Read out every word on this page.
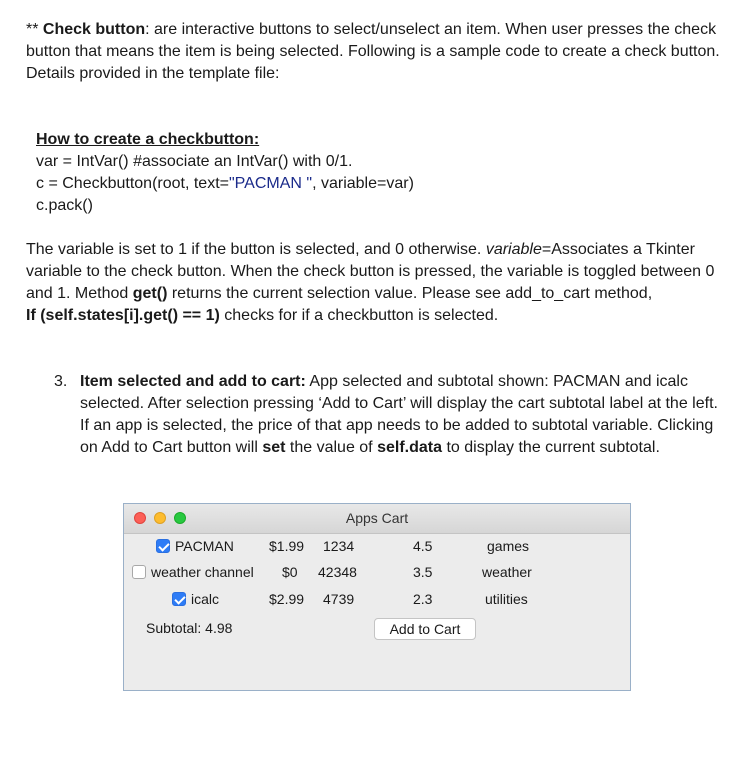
** Check button: are interactive buttons to select/unselect an item. When user presses the check button that means the item is being selected. Following is a sample code to create a check button. Details provided in the template file:
How to create a checkbutton:
var = IntVar() #associate an IntVar() with 0/1.
c = Checkbutton(root, text="PACMAN ", variable=var)
c.pack()
The variable is set to 1 if the button is selected, and 0 otherwise. variable=Associates a Tkinter variable to the check button. When the check button is pressed, the variable is toggled between 0 and 1. Method get() returns the current selection value. Please see add_to_cart method,
If (self.states[i].get() == 1) checks for if a checkbutton is selected.
3. Item selected and add to cart: App selected and subtotal shown: PACMAN and icalc selected. After selection pressing ‘Add to Cart’ will display the cart subtotal label at the left. If an app is selected, the price of that app needs to be added to subtotal variable. Clicking on Add to Cart button will set the value of self.data to display the current subtotal.
Apps Cart
PACMAN	$1.99 1234	4.5	games
weather channel $0 42348	3.5	weather
icalc	$2.99 4739	2.3	utilities
Subtotal: 4.98	Add to Cart
